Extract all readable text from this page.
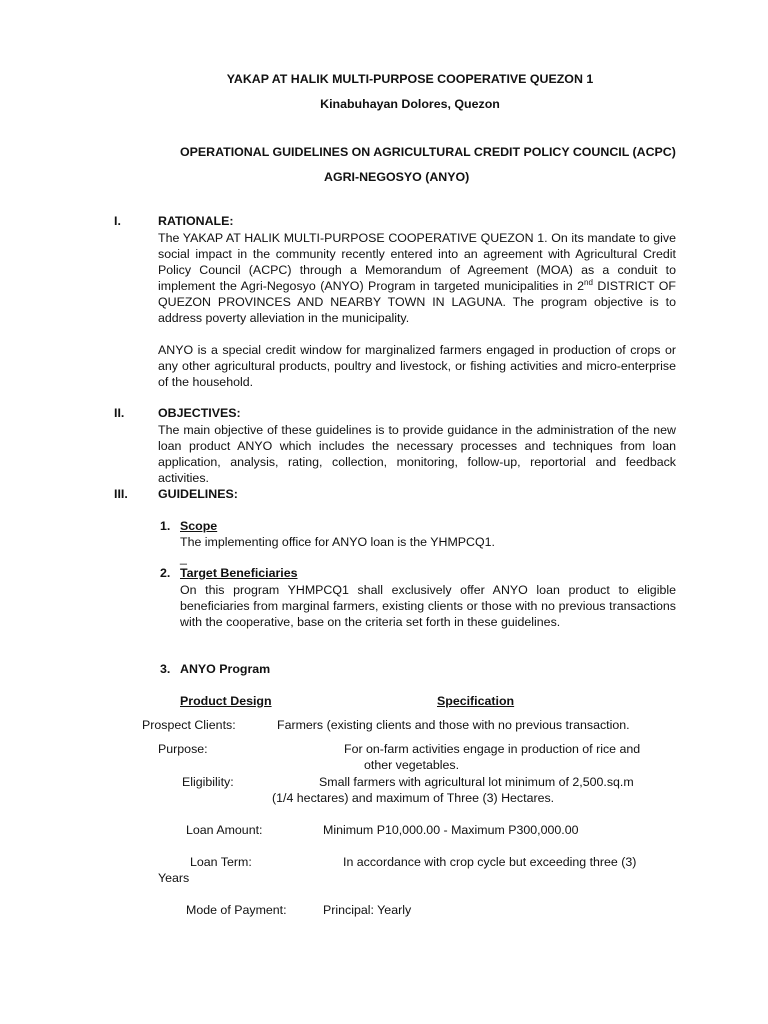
YAKAP AT HALIK MULTI-PURPOSE COOPERATIVE QUEZON 1
Kinabuhayan Dolores, Quezon
OPERATIONAL GUIDELINES ON AGRICULTURAL CREDIT POLICY COUNCIL (ACPC)
AGRI-NEGOSYO (ANYO)
I.	RATIONALE:
The YAKAP AT HALIK MULTI-PURPOSE COOPERATIVE QUEZON 1. On its mandate to give social impact in the community recently entered into an agreement with Agricultural Credit Policy Council (ACPC) through a Memorandum of Agreement (MOA) as a conduit to implement the Agri-Negosyo (ANYO) Program in targeted municipalities in 2nd DISTRICT OF QUEZON PROVINCES AND NEARBY TOWN IN LAGUNA. The program objective is to address poverty alleviation in the municipality.
ANYO is a special credit window for marginalized farmers engaged in production of crops or any other agricultural products, poultry and livestock, or fishing activities and micro-enterprise of the household.
II.	OBJECTIVES:
The main objective of these guidelines is to provide guidance in the administration of the new loan product ANYO which includes the necessary processes and techniques from loan application, analysis, rating, collection, monitoring, follow-up, reportorial and feedback activities.
III. GUIDELINES:
1. Scope
The implementing office for ANYO loan is the YHMPCQ1.
_
2. Target Beneficiaries
On this program YHMPCQ1 shall exclusively offer ANYO loan product to eligible beneficiaries from marginal farmers, existing clients or those with no previous transactions with the cooperative, base on the criteria set forth in these guidelines.
3. ANYO Program
Product Design	Specification
Prospect Clients:	Farmers (existing clients and those with no previous transaction.
Purpose:	For on-farm activities engage in production of rice and
other vegetables.
Eligibility:	Small farmers with agricultural lot minimum of 2,500.sq.m
(1/4 hectares) and maximum of Three (3) Hectares.
Loan Amount:	Minimum P10,000.00 - Maximum P300,000.00
Loan Term:	In accordance with crop cycle but exceeding three (3)
Years
Mode of Payment:	Principal: Yearly
